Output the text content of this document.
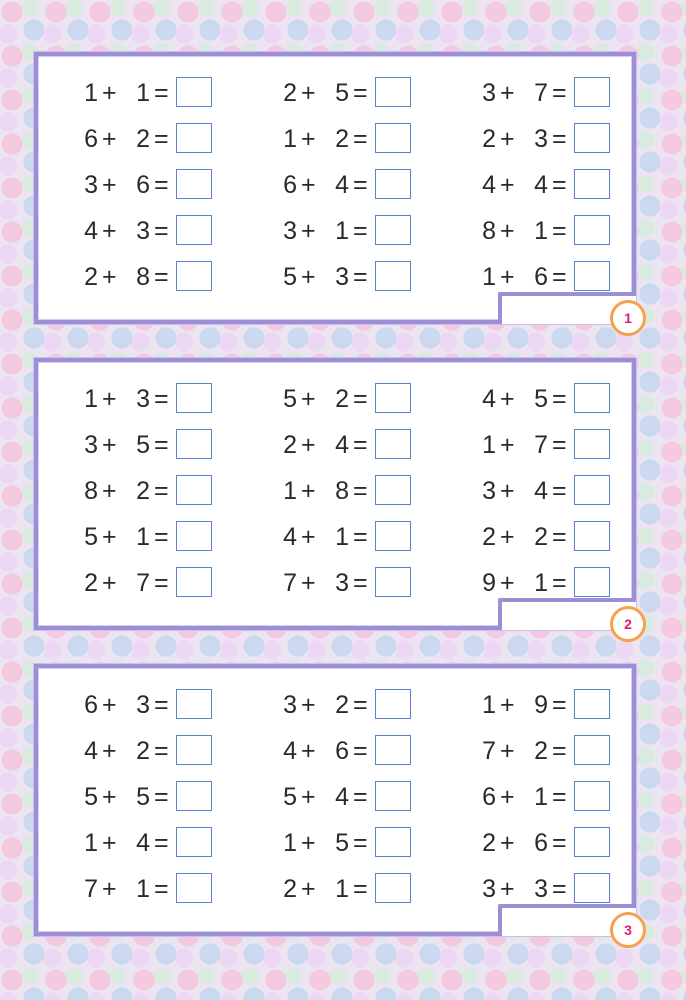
1 + 1 =	2 + 5 =	3 + 7 =
6 + 2 =	1 + 2 =	2 + 3 =
3 + 6 =	6 + 4 =	4 + 4 =
4 + 3 =	3 + 1 =	8 + 1 =
2 + 8 =	5 + 3 =	1 + 6 =
1
1 + 3 =	5 + 2 =	4 + 5 =
3 + 5 =	2 + 4 =	1 + 7 =
8 + 2 =	1 + 8 =	3 + 4 =
5 + 1 =	4 + 1 =	2 + 2 =
2 + 7 =	7 + 3 =	9 + 1 =
2
6 + 3 =	3 + 2 =	1 + 9 =
4 + 2 =	4 + 6 =	7 + 2 =
5 + 5 =	5 + 4 =	6 + 1 =
1 + 4 =	1 + 5 =	2 + 6 =
7 + 1 =	2 + 1 =	3 + 3 =
3
